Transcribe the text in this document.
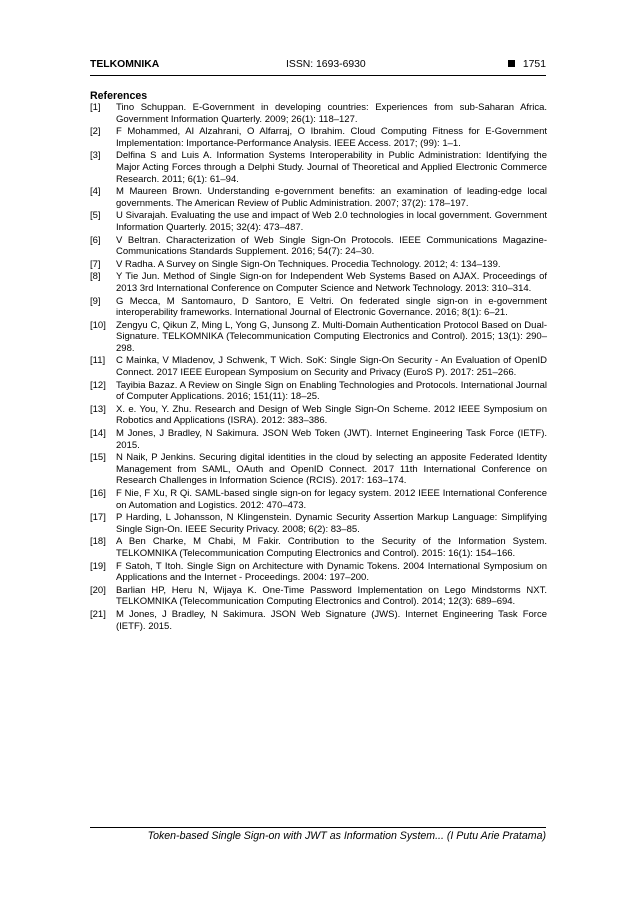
TELKOMNIKA	ISSN: 1693-6930	1751
References
[1] Tino Schuppan. E-Government in developing countries: Experiences from sub-Saharan Africa. Government Information Quarterly. 2009; 26(1): 118–127.
[2] F Mohammed, AI Alzahrani, O Alfarraj, O Ibrahim. Cloud Computing Fitness for E-Government Implementation: Importance-Performance Analysis. IEEE Access. 2017; (99): 1–1.
[3] Delfina S and Luis A. Information Systems Interoperability in Public Administration: Identifying the Major Acting Forces through a Delphi Study. Journal of Theoretical and Applied Electronic Commerce Research. 2011; 6(1): 61–94.
[4] M Maureen Brown. Understanding e-government benefits: an examination of leading-edge local governments. The American Review of Public Administration. 2007; 37(2): 178–197.
[5] U Sivarajah. Evaluating the use and impact of Web 2.0 technologies in local government. Government Information Quarterly. 2015; 32(4): 473–487.
[6] V Beltran. Characterization of Web Single Sign-On Protocols. IEEE Communications Magazine-Communications Standards Supplement. 2016; 54(7): 24–30.
[7] V Radha. A Survey on Single Sign-On Techniques. Procedia Technology. 2012; 4: 134–139.
[8] Y Tie Jun. Method of Single Sign-on for Independent Web Systems Based on AJAX. Proceedings of 2013 3rd International Conference on Computer Science and Network Technology. 2013: 310–314.
[9] G Mecca, M Santomauro, D Santoro, E Veltri. On federated single sign-on in e-government interoperability frameworks. International Journal of Electronic Governance. 2016; 8(1): 6–21.
[10] Zengyu C, Qikun Z, Ming L, Yong G, Junsong Z. Multi-Domain Authentication Protocol Based on Dual-Signature. TELKOMNIKA (Telecommunication Computing Electronics and Control). 2015; 13(1): 290–298.
[11] C Mainka, V Mladenov, J Schwenk, T Wich. SoK: Single Sign-On Security - An Evaluation of OpenID Connect. 2017 IEEE European Symposium on Security and Privacy (EuroS P). 2017: 251–266.
[12] Tayibia Bazaz. A Review on Single Sign on Enabling Technologies and Protocols. International Journal of Computer Applications. 2016; 151(11): 18–25.
[13] X. e. You, Y. Zhu. Research and Design of Web Single Sign-On Scheme. 2012 IEEE Symposium on Robotics and Applications (ISRA). 2012: 383–386.
[14] M Jones, J Bradley, N Sakimura. JSON Web Token (JWT). Internet Engineering Task Force (IETF). 2015.
[15] N Naik, P Jenkins. Securing digital identities in the cloud by selecting an apposite Federated Identity Management from SAML, OAuth and OpenID Connect. 2017 11th International Conference on Research Challenges in Information Science (RCIS). 2017: 163–174.
[16] F Nie, F Xu, R Qi. SAML-based single sign-on for legacy system. 2012 IEEE International Conference on Automation and Logistics. 2012: 470–473.
[17] P Harding, L Johansson, N Klingenstein. Dynamic Security Assertion Markup Language: Simplifying Single Sign-On. IEEE Security Privacy. 2008; 6(2): 83–85.
[18] A Ben Charke, M Chabi, M Fakir. Contribution to the Security of the Information System. TELKOMNIKA (Telecommunication Computing Electronics and Control). 2015: 16(1): 154–166.
[19] F Satoh, T Itoh. Single Sign on Architecture with Dynamic Tokens. 2004 International Symposium on Applications and the Internet - Proceedings. 2004: 197–200.
[20] Barlian HP, Heru N, Wijaya K. One-Time Password Implementation on Lego Mindstorms NXT. TELKOMNIKA (Telecommunication Computing Electronics and Control). 2014; 12(3): 689–694.
[21] M Jones, J Bradley, N Sakimura. JSON Web Signature (JWS). Internet Engineering Task Force (IETF). 2015.
Token-based Single Sign-on with JWT as Information System... (I Putu Arie Pratama)
